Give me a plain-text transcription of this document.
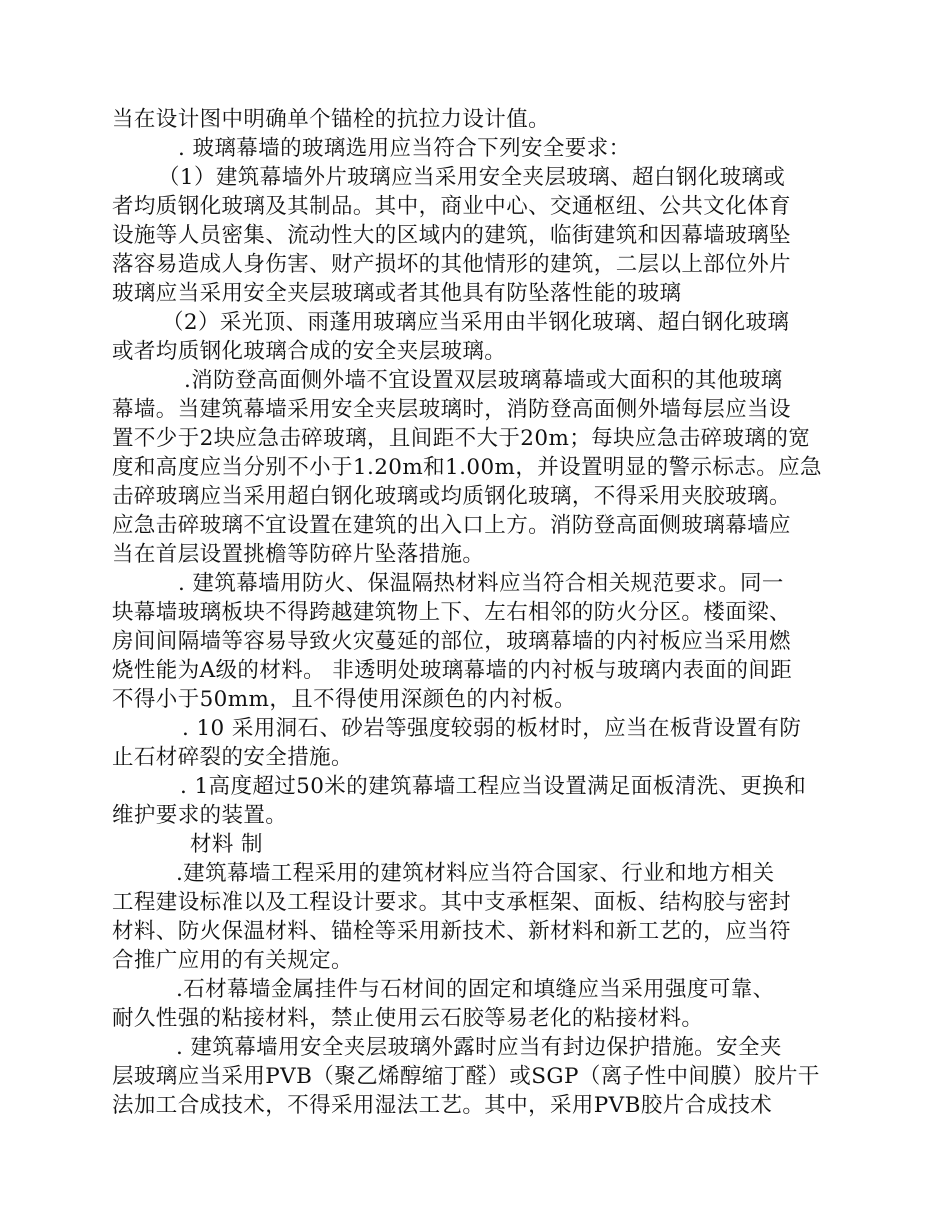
当在设计图中明确单个锚栓的抗拉力设计值。
. 玻璃幕墙的玻璃选用应当符合下列安全要求：
（1）建筑幕墙外片玻璃应当采用安全夹层玻璃、超白钢化玻璃或
者均质钢化玻璃及其制品。其中，商业中心、交通枢纽、公共文化体育
设施等人员密集、流动性大的区域内的建筑，临街建筑和因幕墙玻璃坠
落容易造成人身伤害、财产损坏的其他情形的建筑，二层以上部位外片
玻璃应当采用安全夹层玻璃或者其他具有防坠落性能的玻璃
（2）采光顶、雨蓬用玻璃应当采用由半钢化玻璃、超白钢化玻璃
或者均质钢化玻璃合成的安全夹层玻璃。
.消防登高面侧外墙不宜设置双层玻璃幕墙或大面积的其他玻璃
幕墙。当建筑幕墙采用安全夹层玻璃时，消防登高面侧外墙每层应当设
置不少于2块应急击碎玻璃，且间距不大于20m；每块应急击碎玻璃的宽
度和高度应当分别不小于1.20m和1.00m，并设置明显的警示标志。应急
击碎玻璃应当采用超白钢化玻璃或均质钢化玻璃，不得采用夹胶玻璃。
应急击碎玻璃不宜设置在建筑的出入口上方。消防登高面侧玻璃幕墙应
当在首层设置挑檐等防碎片坠落措施。
. 建筑幕墙用防火、保温隔热材料应当符合相关规范要求。同一
块幕墙玻璃板块不得跨越建筑物上下、左右相邻的防火分区。楼面梁、
房间间隔墙等容易导致火灾蔓延的部位，玻璃幕墙的内衬板应当采用燃
烧性能为A级的材料。 非透明处玻璃幕墙的内衬板与玻璃内表面的间距
不得小于50mm，且不得使用深颜色的内衬板。
. 10 采用洞石、砂岩等强度较弱的板材时，应当在板背设置有防
止石材碎裂的安全措施。
. 1高度超过50米的建筑幕墙工程应当设置满足面板清洗、更换和
维护要求的装置。
材料 制
.建筑幕墙工程采用的建筑材料应当符合国家、行业和地方相关
工程建设标准以及工程设计要求。其中支承框架、面板、结构胶与密封
材料、防火保温材料、锚栓等采用新技术、新材料和新工艺的，应当符
合推广应用的有关规定。
.石材幕墙金属挂件与石材间的固定和填缝应当采用强度可靠、
耐久性强的粘接材料，禁止使用云石胶等易老化的粘接材料。
. 建筑幕墙用安全夹层玻璃外露时应当有封边保护措施。安全夹
层玻璃应当采用PVB（聚乙烯醇缩丁醛）或SGP（离子性中间膜）胶片干
法加工合成技术，不得采用湿法工艺。其中，采用PVB胶片合成技术
